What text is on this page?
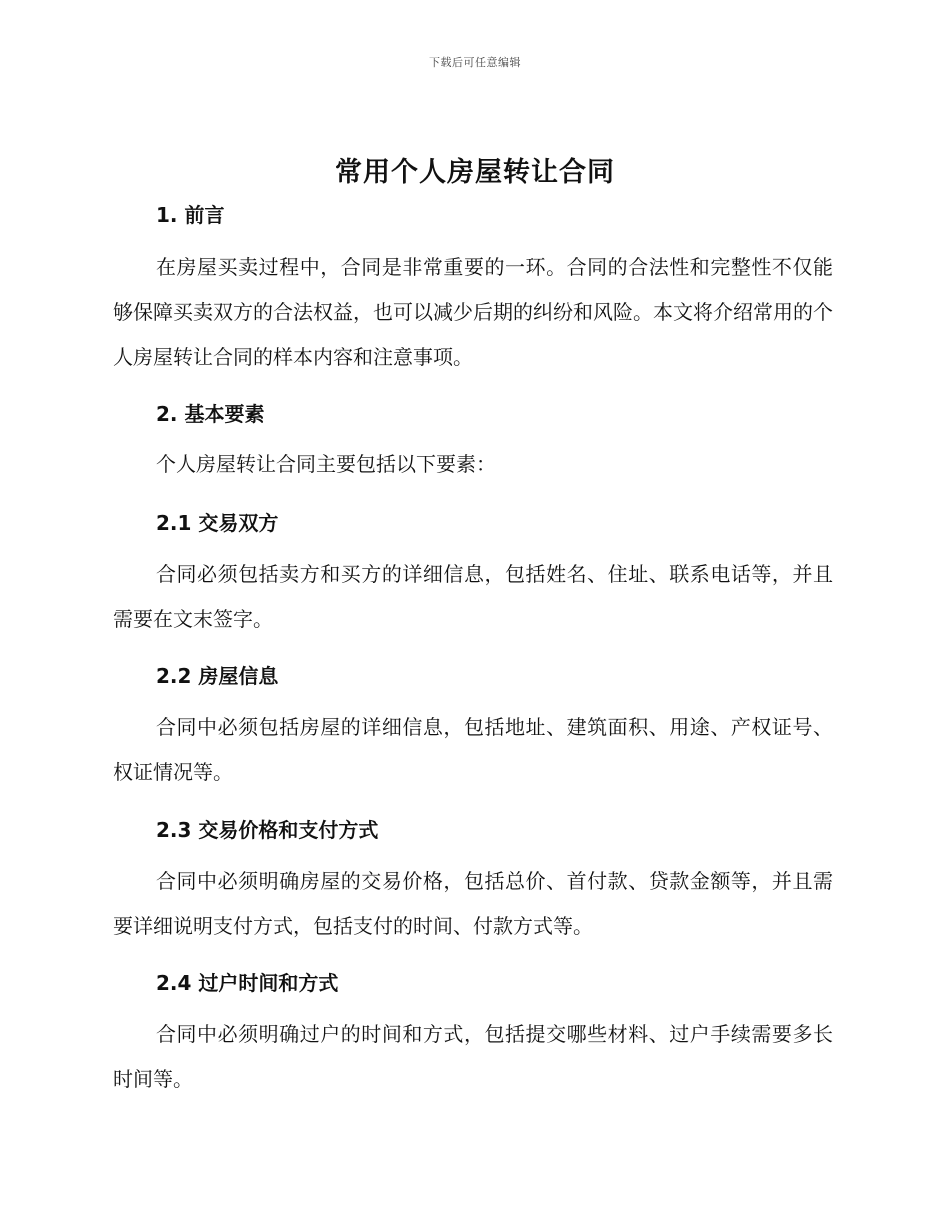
下载后可任意编辑
常用个人房屋转让合同
1. 前言

在房屋买卖过程中，合同是非常重要的一环。合同的合法性和完整性不仅能够保障买卖双方的合法权益，也可以减少后期的纠纷和风险。本文将介绍常用的个人房屋转让合同的样本内容和注意事项。

2. 基本要素

个人房屋转让合同主要包括以下要素：

2.1 交易双方

合同必须包括卖方和买方的详细信息，包括姓名、住址、联系电话等，并且需要在文末签字。

2.2 房屋信息

合同中必须包括房屋的详细信息，包括地址、建筑面积、用途、产权证号、权证情况等。

2.3 交易价格和支付方式

合同中必须明确房屋的交易价格，包括总价、首付款、贷款金额等，并且需要详细说明支付方式，包括支付的时间、付款方式等。

2.4 过户时间和方式

合同中必须明确过户的时间和方式，包括提交哪些材料、过户手续需要多长时间等。
